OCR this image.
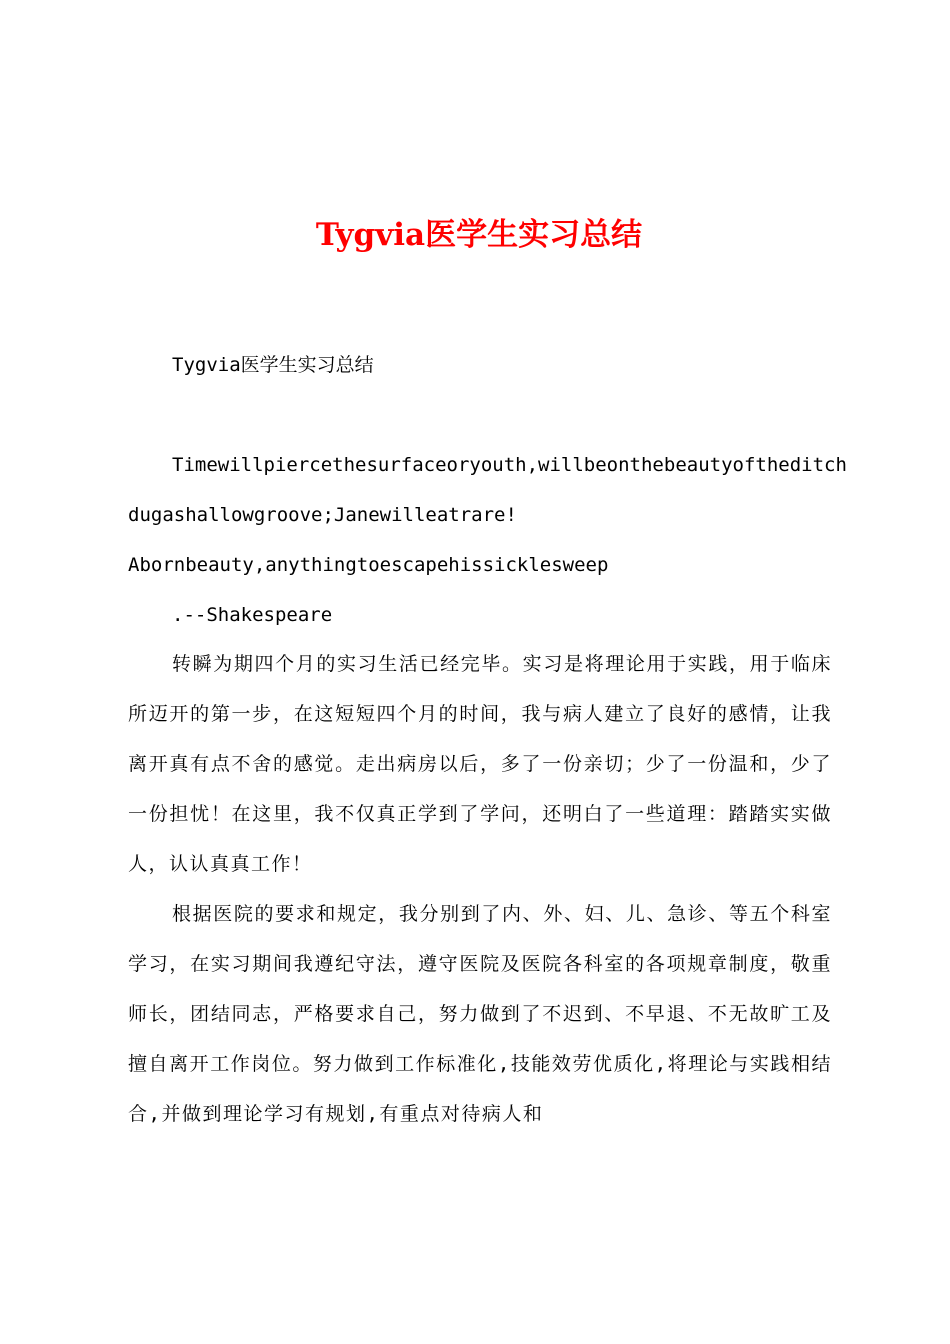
Tygvia医学生实习总结
Tygvia医学生实习总结
Timewillpiercethesurfaceoryouth,willbeonthebeautyoftheditch
dugashallowgroove;Janewilleatrare!
Abornbeauty,anythingtoescapehissicklesweep
.--Shakespeare

转瞬为期四个月的实习生活已经完毕。实习是将理论用于实践，用于临床所迈开的第一步，在这短短四个月的时间，我与病人建立了良好的感情，让我离开真有点不舍的感觉。走出病房以后，多了一份亲切；少了一份温和，少了一份担忧！在这里，我不仅真正学到了学问，还明白了一些道理：踏踏实实做人，认认真真工作！

根据医院的要求和规定，我分别到了内、外、妇、儿、急诊、等五个科室学习，在实习期间我遵纪守法，遵守医院及医院各科室的各项规章制度，敬重师长，团结同志，严格要求自己，努力做到了不迟到、不早退、不无故旷工及擅自离开工作岗位。努力做到工作标准化,技能效劳优质化,将理论与实践相结合,并做到理论学习有规划,有重点对待病人和
